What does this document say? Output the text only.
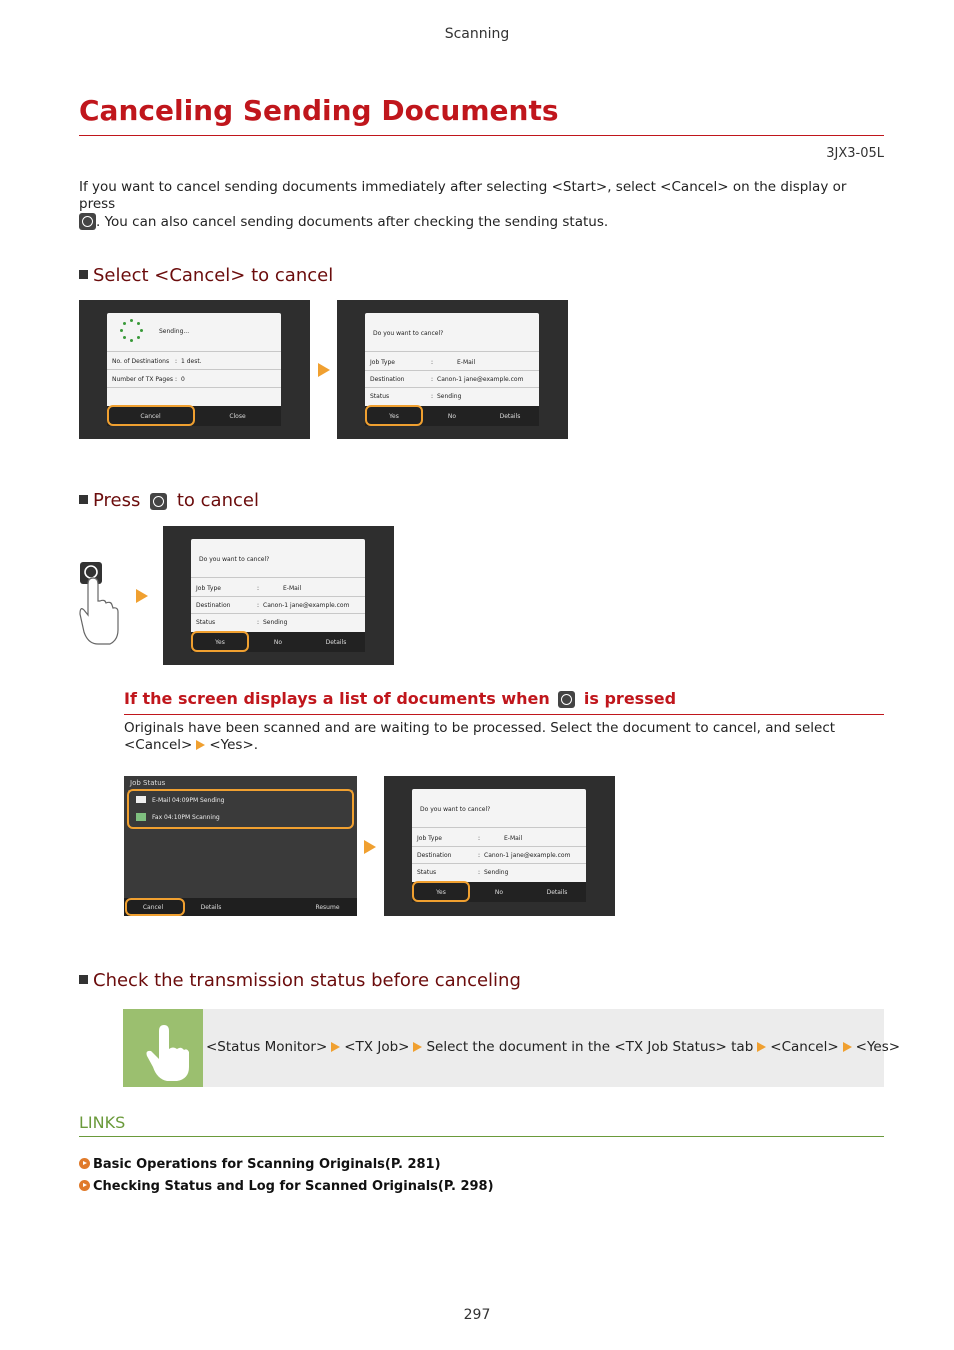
Scanning
Canceling Sending Documents
3JX3-05L
If you want to cancel sending documents immediately after selecting <Start>, select <Cancel> on the display or press
. You can also cancel sending documents after checking the sending status.
Select <Cancel> to cancel
Sending...
No. of Destinations : 1 dest.
Number of TX Pages : 0
Cancel	Close
Do you want to cancel?
Job Type	:	E-Mail
Destination	: Canon-1 jane@example.com
Status	: Sending
Yes	No	Details
Press to cancel
Do you want to cancel?
Job Type	:	E-Mail
Destination	: Canon-1 jane@example.com
Status	: Sending
Yes	No	Details
If the screen displays a list of documents when is pressed
Originals have been scanned and are waiting to be processed. Select the document to cancel, and select
<Cancel> <Yes>.
Job Status
E-Mail 04:09PM Sending
Fax 04:10PM Scanning
Cancel	Details	Resume
Do you want to cancel?
Job Type	:	E-Mail
Destination	: Canon-1 jane@example.com
Status	: Sending
Yes	No	Details
Check the transmission status before canceling
<Status Monitor> <TX Job> Select the document in the <TX Job Status> tab <Cancel> <Yes>
LINKS
Basic Operations for Scanning Originals(P. 281)
Checking Status and Log for Scanned Originals(P. 298)
297
